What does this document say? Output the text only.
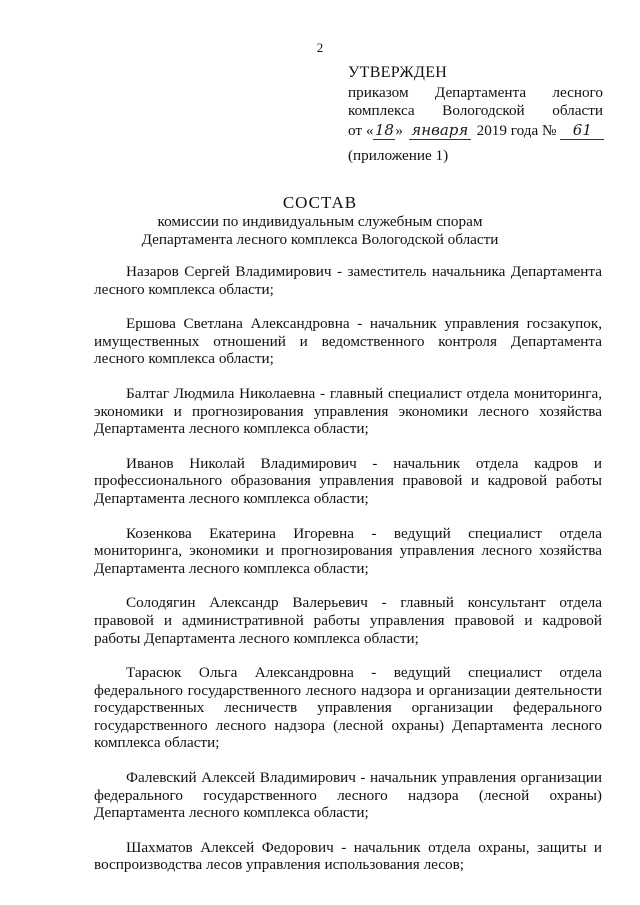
2
УТВЕРЖДЕН
приказом Департамента лесного
комплекса Вологодской области
от «18» января 2019 года № 61
(приложение 1)
СОСТАВ
комиссии по индивидуальным служебным спорам
Департамента лесного комплекса Вологодской области

Назаров Сергей Владимирович - заместитель начальника Департамента лесного комплекса области;

Ершова Светлана Александровна - начальник управления госзакупок, имущественных отношений и ведомственного контроля Департамента лесного комплекса области;

Балтаг Людмила Николаевна - главный специалист отдела мониторинга, экономики и прогнозирования управления экономики лесного хозяйства Департамента лесного комплекса области;

Иванов Николай Владимирович - начальник отдела кадров и профессионального образования управления правовой и кадровой работы Департамента лесного комплекса области;

Козенкова Екатерина Игоревна - ведущий специалист отдела мониторинга, экономики и прогнозирования управления лесного хозяйства Департамента лесного комплекса области;

Солодягин Александр Валерьевич - главный консультант отдела правовой и административной работы управления правовой и кадровой работы Департамента лесного комплекса области;

Тарасюк Ольга Александровна - ведущий специалист отдела федерального государственного лесного надзора и организации деятельности государственных лесничеств управления организации федерального государственного лесного надзора (лесной охраны) Департамента лесного комплекса области;

Фалевский Алексей Владимирович - начальник управления организации федерального государственного лесного надзора (лесной охраны) Департамента лесного комплекса области;

Шахматов Алексей Федорович - начальник отдела охраны, защиты и воспроизводства лесов управления использования лесов;
